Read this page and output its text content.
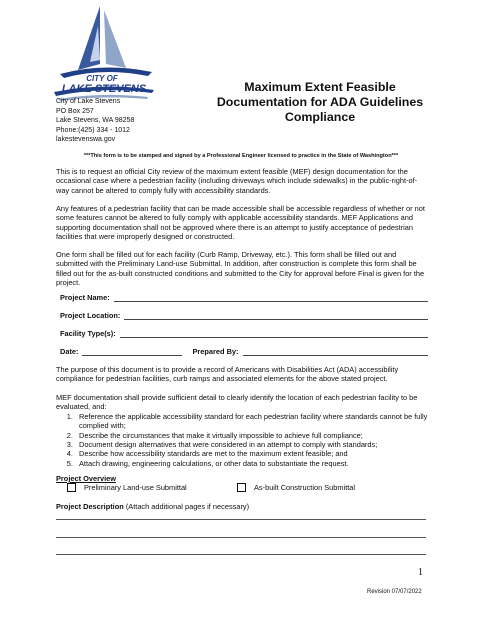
CITY OF
LAKE STEVENS
City of Lake Stevens
PO Box 257
Lake Stevens, WA 98258
Phone:(425) 334 - 1012
lakestevenswa.gov
Maximum Extent Feasible
Documentation for ADA Guidelines
Compliance
***This form is to be stamped and signed by a Professional Engineer licensed to practice in the State of Washington***
This is to request an official City review of the maximum extent feasible (MEF) design documentation for the occasional case where a pedestrian facility (including driveways which include sidewalks) in the public-right-of-way cannot be altered to comply fully with accessibility standards.
Any features of a pedestrian facility that can be made accessible shall be accessible regardless of whether or not some features cannot be altered to fully comply with applicable accessibility standards. MEF Applications and supporting documentation shall not be approved where there is an attempt to justify acceptance of pedestrian facilities that were improperly designed or constructed.
One form shall be filled out for each facility (Curb Ramp, Driveway, etc.). This form shall be filled out and submitted with the Preliminary Land-use Submittal. In addition, after construction is complete this form shall be filled out for the as-built constructed conditions and submitted to the City for approval before Final is given for the project.
Project Name:
Project Location:
Facility Type(s):
Date:	Prepared By:
The purpose of this document is to provide a record of Americans with Disabilities Act (ADA) accessibility compliance for pedestrian facilities, curb ramps and associated elements for the above stated project.
MEF documentation shall provide sufficient detail to clearly identify the location of each pedestrian facility to be evaluated, and:
1. Reference the applicable accessibility standard for each pedestrian facility where standards cannot be fully complied with;
2. Describe the circumstances that make it virtually impossible to achieve full compliance;
3. Document design alternatives that were considered in an attempt to comply with standards;
4. Describe how accessibility standards are met to the maximum extent feasible; and
5. Attach drawing, engineering calculations, or other data to substantiate the request.
Project Overview
Preliminary Land-use Submittal	As-built Construction Submittal
Project Description (Attach additional pages if necessary)
1
Revision 07/07/2022
